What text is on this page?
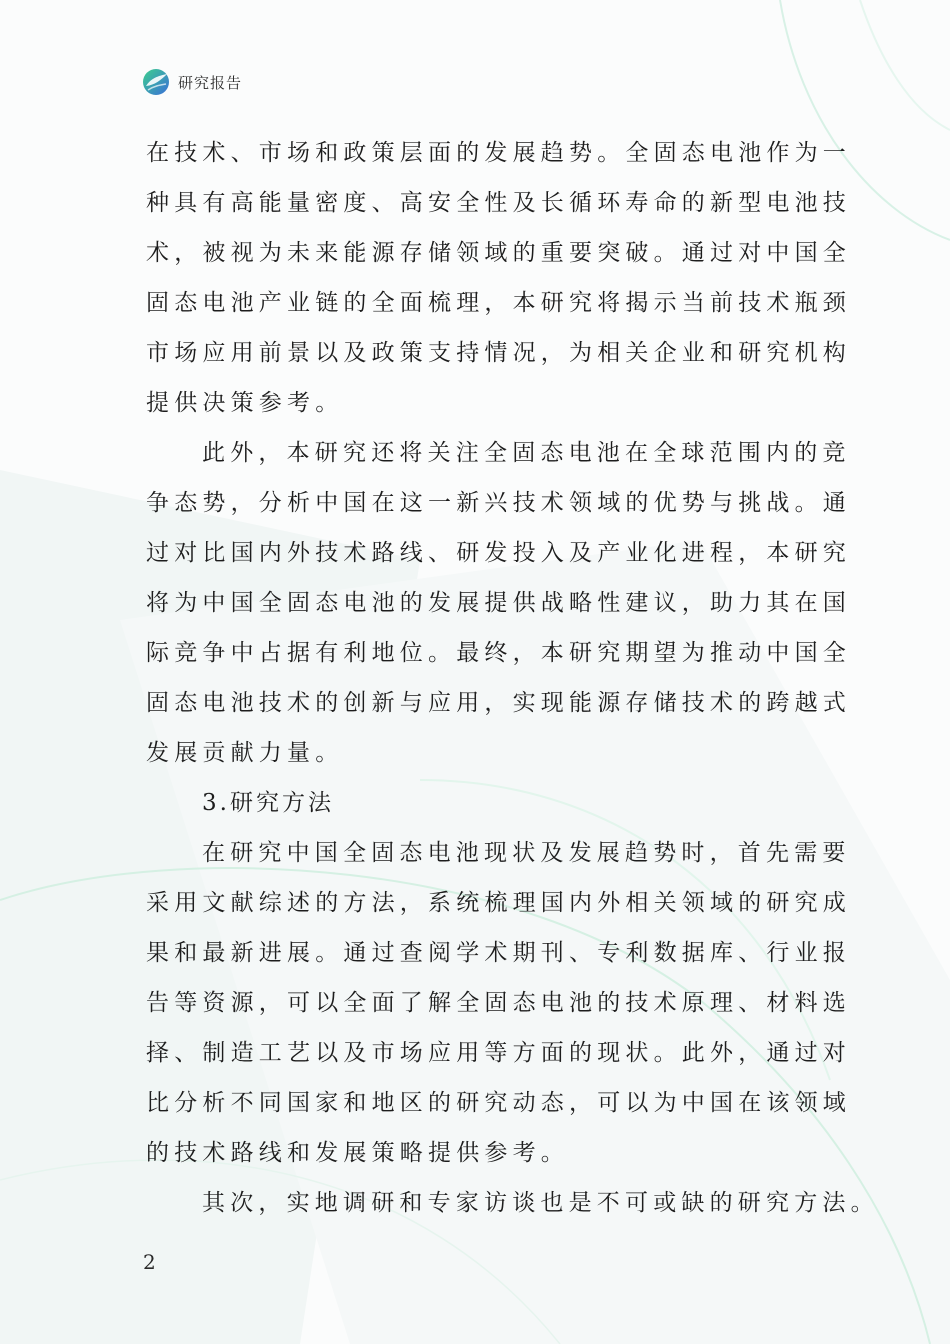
研究报告
在技术、市场和政策层面的发展趋势。全固态电池作为一
种具有高能量密度、高安全性及长循环寿命的新型电池技
术，被视为未来能源存储领域的重要突破。通过对中国全
固态电池产业链的全面梳理，本研究将揭示当前技术瓶颈
市场应用前景以及政策支持情况，为相关企业和研究机构
提供决策参考。
此外，本研究还将关注全固态电池在全球范围内的竞
争态势，分析中国在这一新兴技术领域的优势与挑战。通
过对比国内外技术路线、研发投入及产业化进程，本研究
将为中国全固态电池的发展提供战略性建议，助力其在国
际竞争中占据有利地位。最终，本研究期望为推动中国全
固态电池技术的创新与应用，实现能源存储技术的跨越式
发展贡献力量。
3.研究方法
在研究中国全固态电池现状及发展趋势时，首先需要
采用文献综述的方法，系统梳理国内外相关领域的研究成
果和最新进展。通过查阅学术期刊、专利数据库、行业报
告等资源，可以全面了解全固态电池的技术原理、材料选
择、制造工艺以及市场应用等方面的现状。此外，通过对
比分析不同国家和地区的研究动态，可以为中国在该领域
的技术路线和发展策略提供参考。
其次，实地调研和专家访谈也是不可或缺的研究方法。
2
